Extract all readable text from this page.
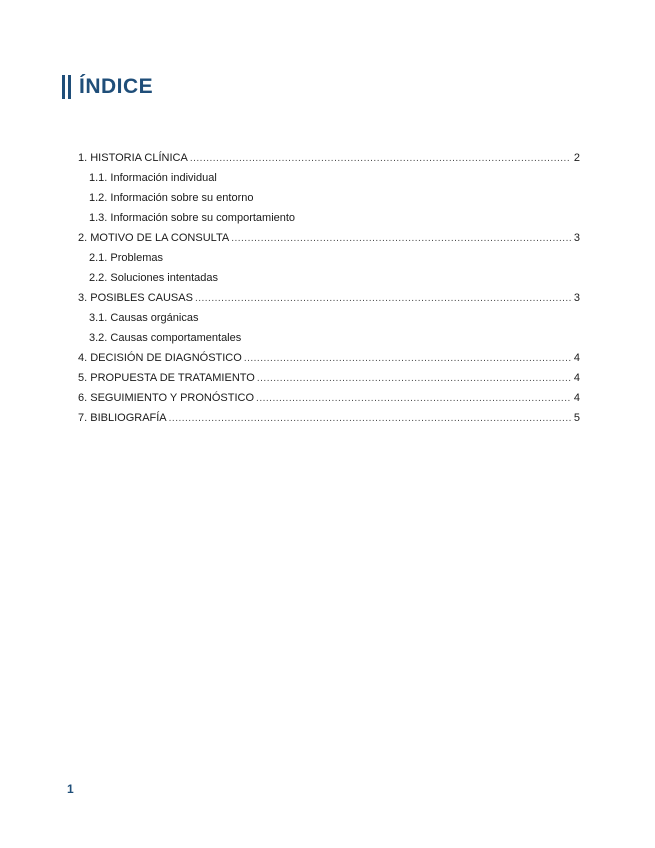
ÍNDICE
1. HISTORIA CLÍNICA .....	2
1.1. Información individual
1.2. Información sobre su entorno
1.3. Información sobre su comportamiento
2. MOTIVO DE LA CONSULTA .....	3
2.1. Problemas
2.2. Soluciones intentadas
3. POSIBLES CAUSAS .....	3
3.1. Causas orgánicas
3.2. Causas comportamentales
4. DECISIÓN DE DIAGNÓSTICO .....	4
5. PROPUESTA DE TRATAMIENTO .....	4
6. SEGUIMIENTO Y PRONÓSTICO .....	4
7. BIBLIOGRAFÍA .....	5
1
